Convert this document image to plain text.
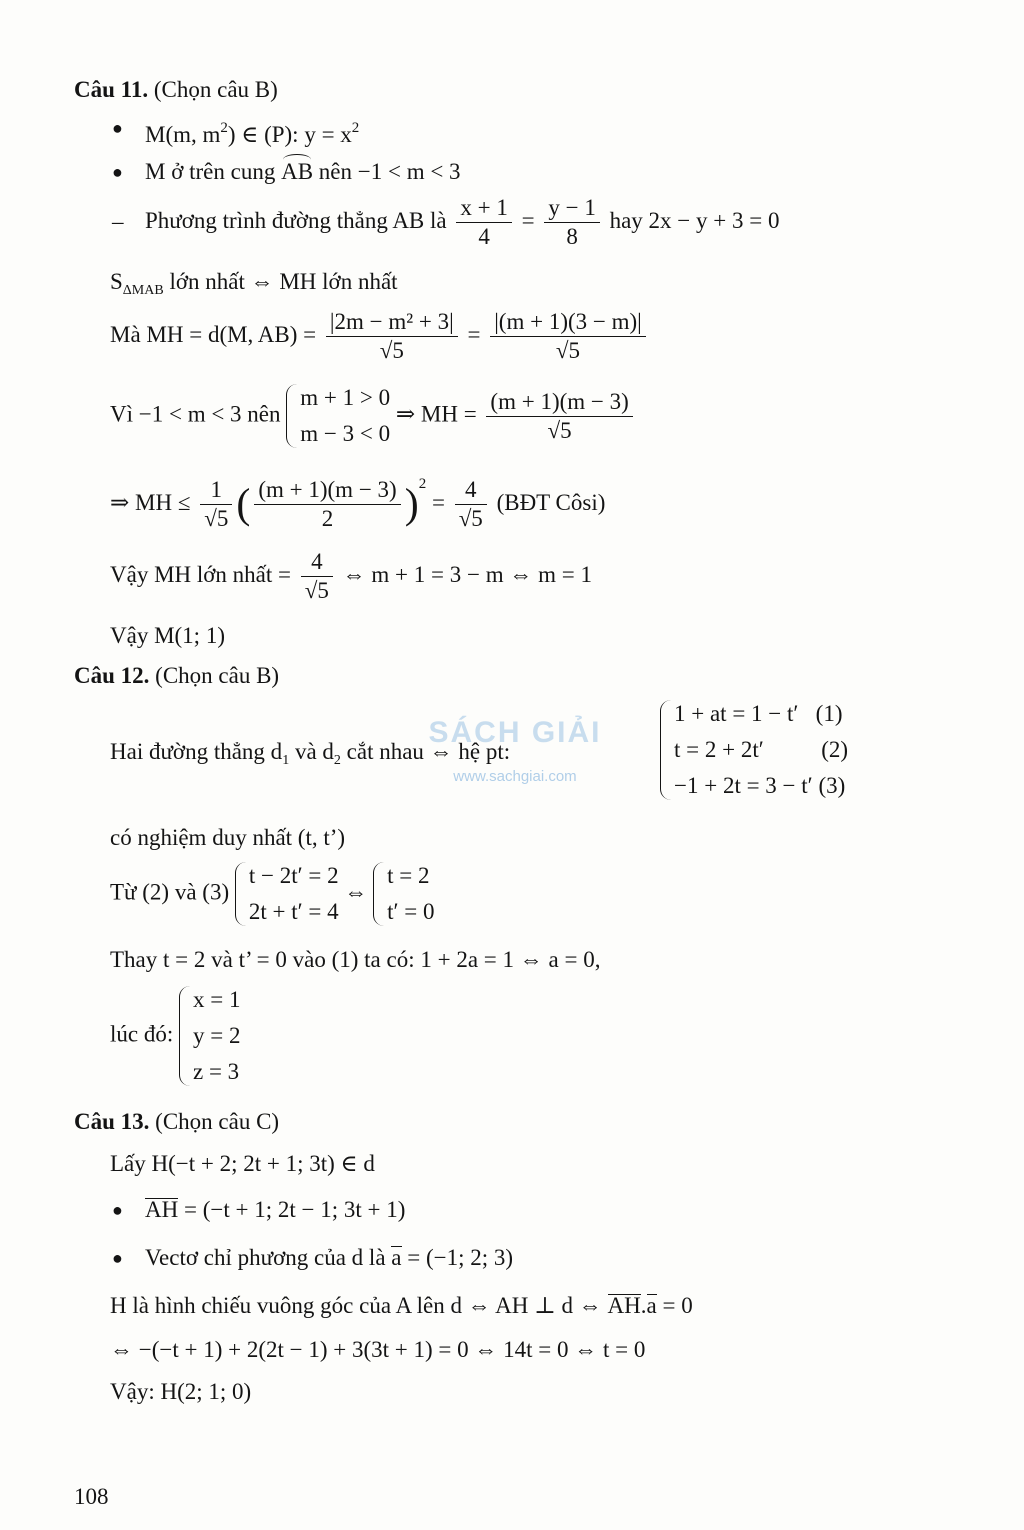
Câu 11. (Chọn câu B)
● M(m, $m^2$) ∈ (P): $y = x^2$
● M ở trên cung AB nên −1 < m < 3
– Phương trình đường thẳng AB là $\frac{x + 1}{4} = \frac{y - 1}{8}$ hay 2x − y + 3 = 0
$S_{\Delta MAB}$ lớn nhất ⇔ MH lớn nhất
Mà MH = d(M, $AB) = \frac{\text{|2m − m² + 3|}}{√5} = \frac{|(m + 1)(3 - m)|}{√5}$
Vì −1 < m < 3 nên
m + 1 > 0
m − 3 < 0
⇒ MH = $\frac{(m + 1)(m - 3)}{√5}$
⇒ MH ≤ $\frac{1}{√5}$ ( $\frac{(m + 1)(m - 3)}{2} )^2 = \frac{4}{√5}$ (BĐT Côsi)
Vậy MH lớn nhất = $\frac{4}{√5}$ ⇔ m + 1 = 3 − m ⇔ m = 1
Vậy M(1; 1)
Câu 12. (Chọn câu B)
Hai đường thẳng $d_1$ và $d_2$ cắt nhau ⇔ hệ pt:
1 + at = 1 − t′   (1)
t = 2 + 2t′          (2)
−1 + 2t = 3 − t′ (3)
SÁCH GIẢI
www.sachgiai.com
có nghiệm duy nhất (t, t’)
Từ (2) và (3)
t − 2t′ = 2
2t + t′ = 4
⇔
t = 2
t′ = 0
Thay t = 2 và t’ = 0 vào (1) ta có: 1 + 2a = 1 ⇔ a = 0,
lúc đó:
x = 1
y = 2
z = 3
Câu 13. (Chọn câu C)
Lấy H(−t + 2; 2t + 1; 3t) ∈ d
● AH = (−t + 1; 2t − 1; 3t + 1)
● Vectơ chỉ phương của d là a = (−1; 2; 3)
H là hình chiếu vuông góc của A lên d ⇔ AH ⊥ d ⇔ AH.a = 0
⇔ −(−t + 1) + 2(2t − 1) + 3(3t + 1) = 0 ⇔ 14t = 0 ⇔ t = 0
Vậy: H(2; 1; 0)
108
